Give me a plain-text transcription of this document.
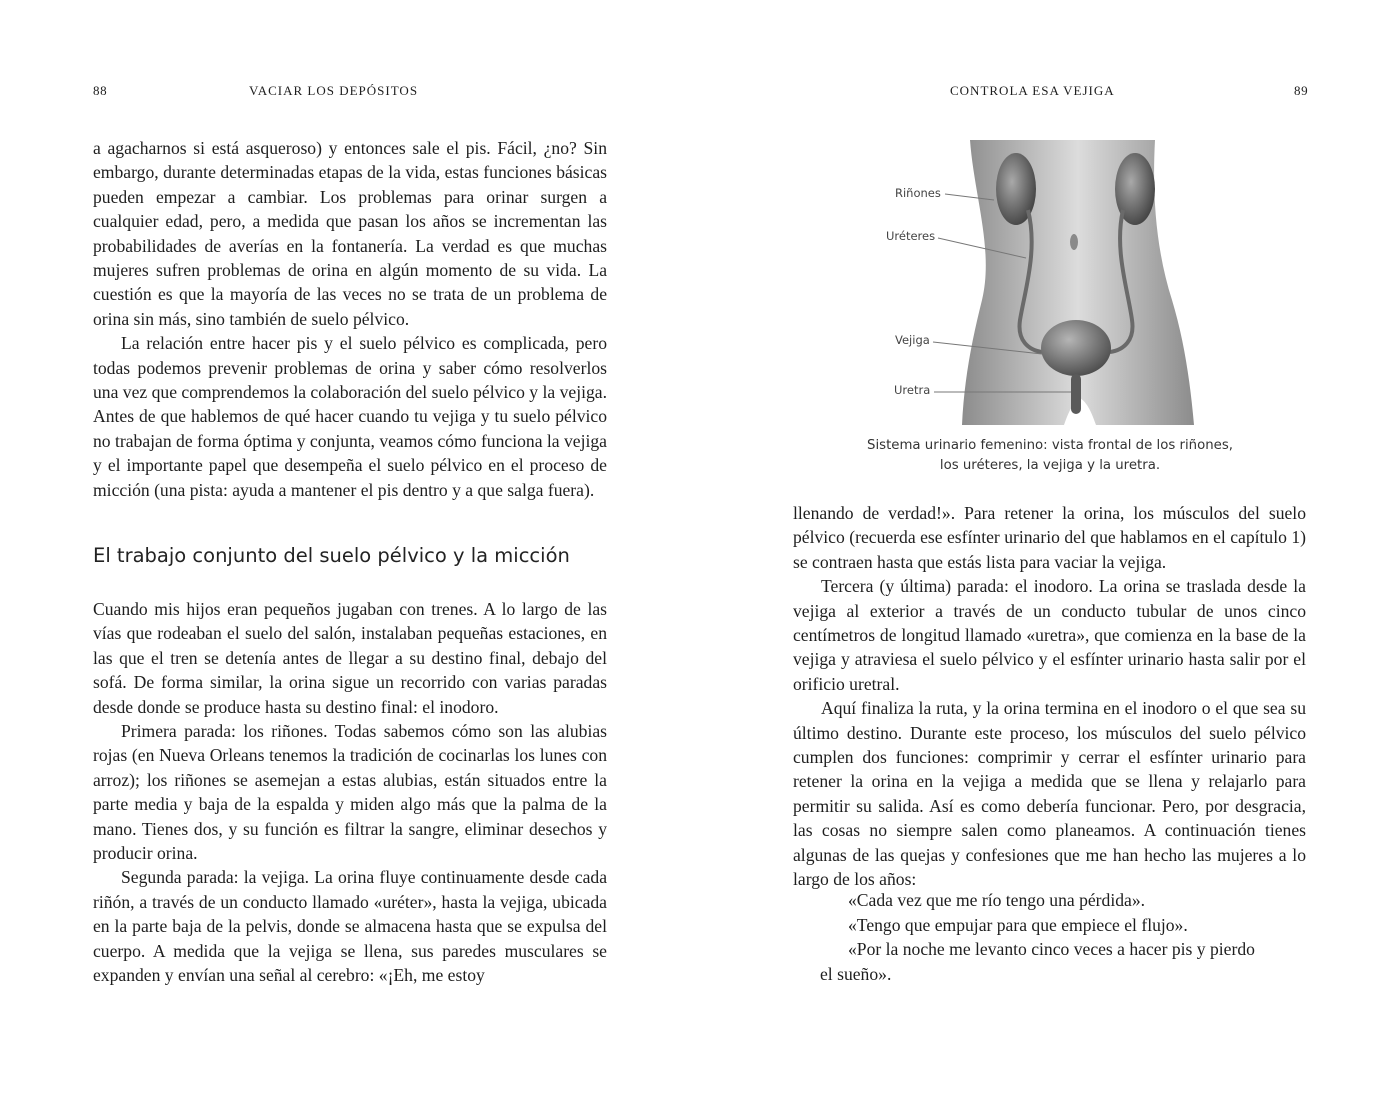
88	VACIAR LOS DEPÓSITOS

a agacharnos si está asqueroso) y entonces sale el pis. Fácil, ¿no? Sin embargo, durante determinadas etapas de la vida, estas funciones básicas pueden empezar a cambiar. Los problemas para orinar surgen a cualquier edad, pero, a medida que pasan los años se incrementan las probabilidades de averías en la fontanería. La verdad es que muchas mujeres sufren problemas de orina en algún momento de su vida. La cuestión es que la mayoría de las veces no se trata de un problema de orina sin más, sino también de suelo pélvico.

La relación entre hacer pis y el suelo pélvico es complicada, pero todas podemos prevenir problemas de orina y saber cómo resolverlos una vez que comprendemos la colaboración del suelo pélvico y la vejiga. Antes de que hablemos de qué hacer cuando tu vejiga y tu suelo pélvico no trabajan de forma óptima y conjunta, veamos cómo funciona la vejiga y el importante papel que desempeña el suelo pélvico en el proceso de micción (una pista: ayuda a mantener el pis dentro y a que salga fuera).

El trabajo conjunto del suelo pélvico y la micción

Cuando mis hijos eran pequeños jugaban con trenes. A lo largo de las vías que rodeaban el suelo del salón, instalaban pequeñas estaciones, en las que el tren se detenía antes de llegar a su destino final, debajo del sofá. De forma similar, la orina sigue un recorrido con varias paradas desde donde se produce hasta su destino final: el inodoro.

Primera parada: los riñones. Todas sabemos cómo son las alubias rojas (en Nueva Orleans tenemos la tradición de cocinarlas los lunes con arroz); los riñones se asemejan a estas alubias, están situados entre la parte media y baja de la espalda y miden algo más que la palma de la mano. Tienes dos, y su función es filtrar la sangre, eliminar desechos y producir orina.

Segunda parada: la vejiga. La orina fluye continuamente desde cada riñón, a través de un conducto llamado «uréter», hasta la vejiga, ubicada en la parte baja de la pelvis, donde se almacena hasta que se expulsa del cuerpo. A medida que la vejiga se llena, sus paredes musculares se expanden y envían una señal al cerebro: «¡Eh, me estoy

CONTROLA ESA VEJIGA	89
Riñones
Uréteres
Vejiga
Uretra
Sistema urinario femenino: vista frontal de los riñones,
los uréteres, la vejiga y la uretra.

llenando de verdad!». Para retener la orina, los músculos del suelo pélvico (recuerda ese esfínter urinario del que hablamos en el capítulo 1) se contraen hasta que estás lista para vaciar la vejiga.

Tercera (y última) parada: el inodoro. La orina se traslada desde la vejiga al exterior a través de un conducto tubular de unos cinco centímetros de longitud llamado «uretra», que comienza en la base de la vejiga y atraviesa el suelo pélvico y el esfínter urinario hasta salir por el orificio uretral.

Aquí finaliza la ruta, y la orina termina en el inodoro o el que sea su último destino. Durante este proceso, los músculos del suelo pélvico cumplen dos funciones: comprimir y cerrar el esfínter urinario para retener la orina en la vejiga a medida que se llena y relajarlo para permitir su salida. Así es como debería funcionar. Pero, por desgracia, las cosas no siempre salen como planeamos. A continuación tienes algunas de las quejas y confesiones que me han hecho las mujeres a lo largo de los años:

«Cada vez que me río tengo una pérdida».

«Tengo que empujar para que empiece el flujo».

«Por la noche me levanto cinco veces a hacer pis y pierdo

el sueño».
